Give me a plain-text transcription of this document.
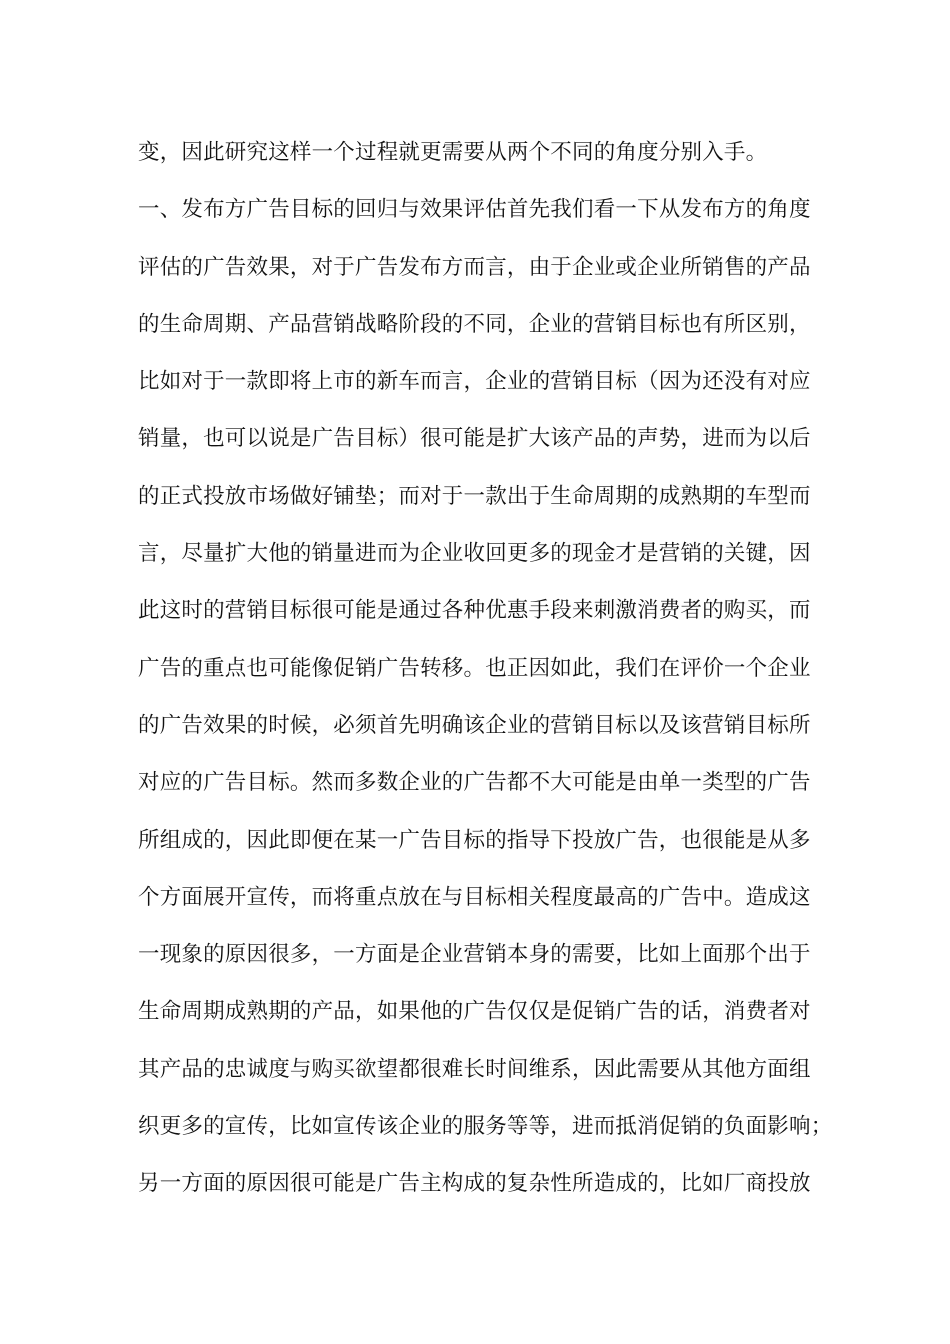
变，因此研究这样一个过程就更需要从两个不同的角度分别入手。
一、发布方广告目标的回归与效果评估首先我们看一下从发布方的角度
评估的广告效果，对于广告发布方而言，由于企业或企业所销售的产品
的生命周期、产品营销战略阶段的不同，企业的营销目标也有所区别，
比如对于一款即将上市的新车而言，企业的营销目标（因为还没有对应
销量，也可以说是广告目标）很可能是扩大该产品的声势，进而为以后
的正式投放市场做好铺垫；而对于一款出于生命周期的成熟期的车型而
言，尽量扩大他的销量进而为企业收回更多的现金才是营销的关键，因
此这时的营销目标很可能是通过各种优惠手段来刺激消费者的购买，而
广告的重点也可能像促销广告转移。也正因如此，我们在评价一个企业
的广告效果的时候，必须首先明确该企业的营销目标以及该营销目标所
对应的广告目标。然而多数企业的广告都不大可能是由单一类型的广告
所组成的，因此即便在某一广告目标的指导下投放广告，也很能是从多
个方面展开宣传，而将重点放在与目标相关程度最高的广告中。造成这
一现象的原因很多，一方面是企业营销本身的需要，比如上面那个出于
生命周期成熟期的产品，如果他的广告仅仅是促销广告的话，消费者对
其产品的忠诚度与购买欲望都很难长时间维系，因此需要从其他方面组
织更多的宣传，比如宣传该企业的服务等等，进而抵消促销的负面影响；
另一方面的原因很可能是广告主构成的复杂性所造成的，比如厂商投放
